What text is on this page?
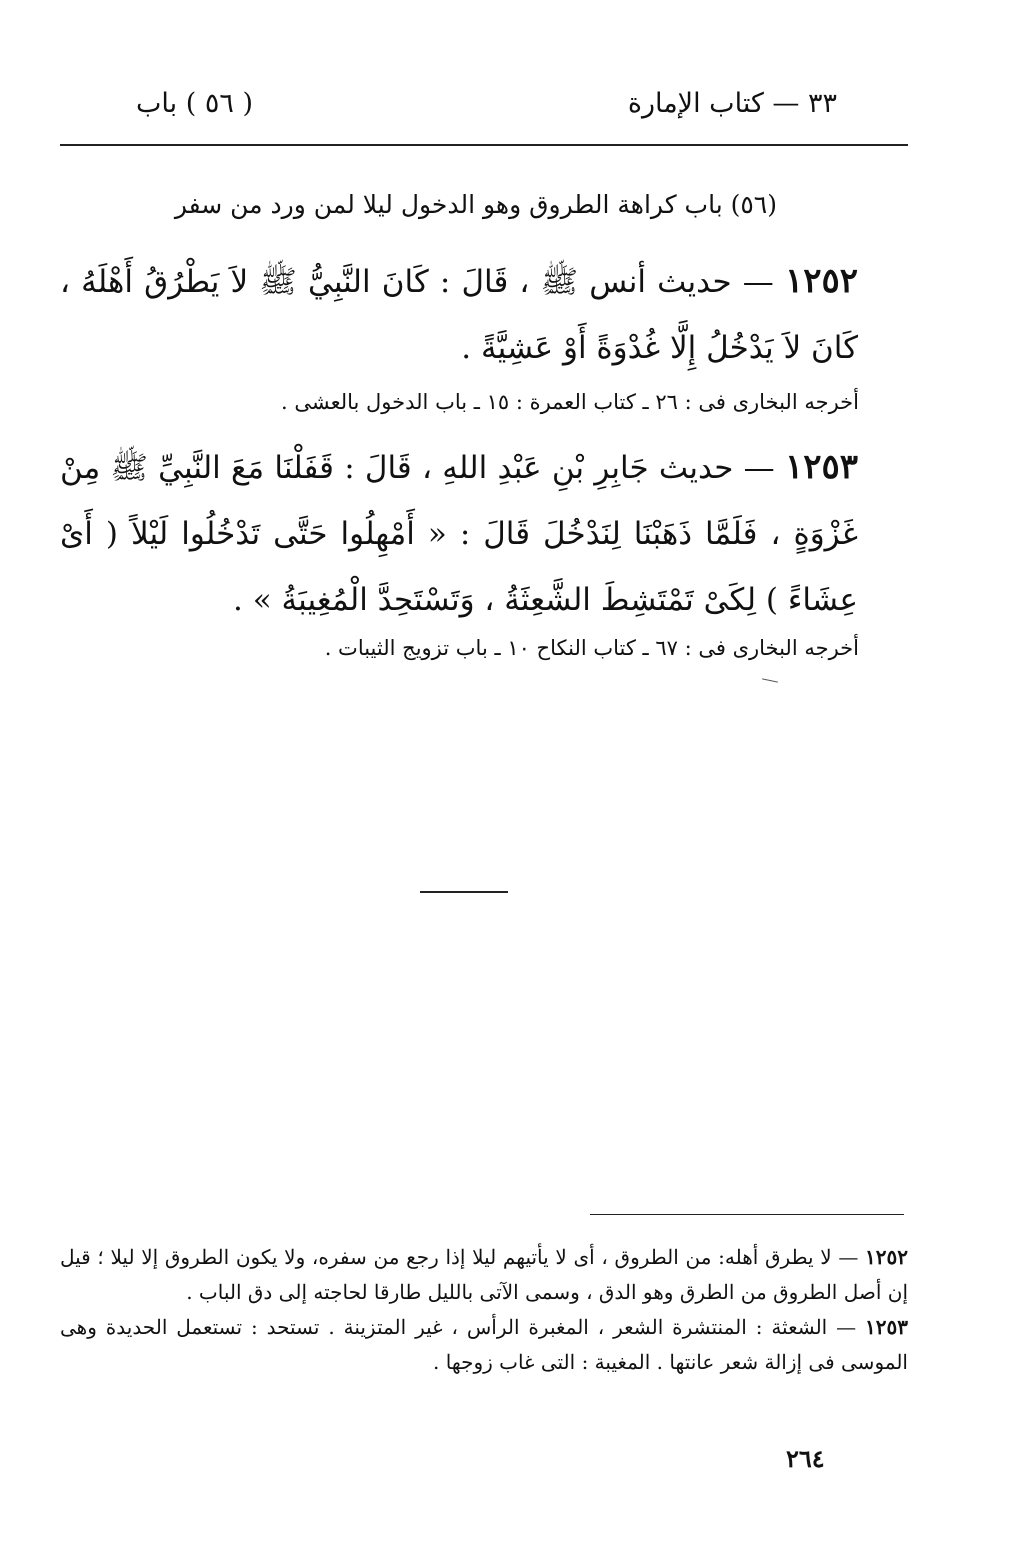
٣٣ — كتاب الإمارة
( ٥٦ ) باب
(٥٦) باب كراهة الطروق وهو الدخول ليلا لمن ورد من سفر
١٢٥٢ — حديث أنس ﷺ ، قَالَ : كَانَ النَّبِيُّ ﷺ لاَ يَطْرُقُ أَهْلَهُ ، كَانَ لاَ يَدْخُلُ إِلَّا غُدْوَةً أَوْ عَشِيَّةً .
أخرجه البخارى فى : ٢٦ ـ كتاب العمرة : ١٥ ـ باب الدخول بالعشى .
١٢٥٣ — حديث جَابِرِ بْنِ عَبْدِ اللهِ ، قَالَ : قَفَلْنَا مَعَ النَّبِيِّ ﷺ مِنْ غَزْوَةٍ ، فَلَمَّا ذَهَبْنَا لِنَدْخُلَ قَالَ : « أَمْهِلُوا حَتَّى تَدْخُلُوا لَيْلاً ( أَىْ عِشَاءً ) لِكَىْ تَمْتَشِطَ الشَّعِثَةُ ، وَتَسْتَحِدَّ الْمُغِيبَةُ » .
أخرجه البخارى فى : ٦٧ ـ كتاب النكاح ١٠ ـ باب تزويج الثيبات .

١٢٥٢ — لا يطرق أهله: من الطروق ، أى لا يأتيهم ليلا إذا رجع من سفره، ولا يكون الطروق إلا ليلا ؛ قيل إن أصل الطروق من الطرق وهو الدق ، وسمى الآتى بالليل طارقا لحاجته إلى دق الباب .

١٢٥٣ — الشعثة : المنتشرة الشعر ، المغبرة الرأس ، غير المتزينة . تستحد : تستعمل الحديدة وهى الموسى فى إزالة شعر عانتها . المغيبة : التى غاب زوجها .

٢٦٤
